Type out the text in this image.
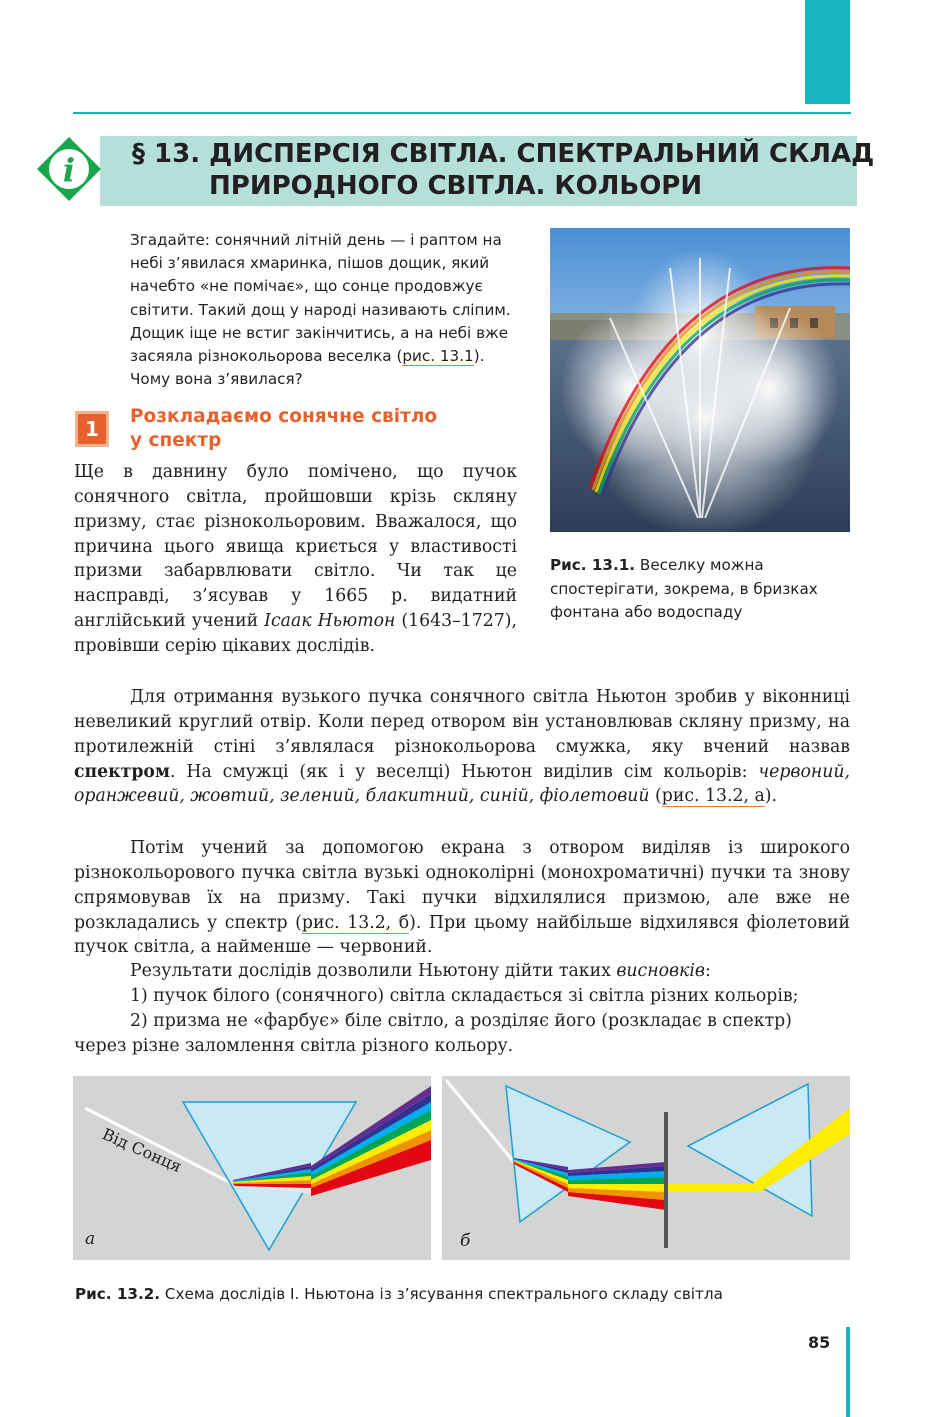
i § 13. ДИСПЕРСІЯ СВІТЛА. СПЕКТРАЛЬНИЙ СКЛАД
ПРИРОДНОГО СВІТЛА. КОЛЬОРИ
Згадайте: сонячний літній день — і раптом на небі з’явилася хмаринка, пішов дощик, який начебто «не помічає», що сонце продовжує світити. Такий дощ у народі називають сліпим. Дощик іще не встиг закінчитись, а на небі вже засяяла різнокольорова веселка (рис. 13.1). Чому вона з’явилася?
Рис. 13.1. Веселку можна спостерігати, зокрема, в бризках фонтана або водоспаду
1
Розкладаємо сонячне світло
у спектр
Ще в давнину було помічено, що пучок сонячного світла, пройшовши крізь скляну призму, стає різнокольоровим. Вважалося, що причина цього явища криється у властивості призми забарвлювати світло. Чи так це насправді, з’ясував у 1665 р. видатний англійський учений Ісаак Ньютон (1643–1727), провівши серію цікавих дослідів.
Для отримання вузького пучка сонячного світла Ньютон зробив у віконниці невеликий круглий отвір. Коли перед отвором він установлював скляну призму, на протилежній стіні з’являлася різнокольорова смужка, яку вчений назвав спектром. На смужці (як і у веселці) Ньютон виділив сім кольорів: червоний, оранжевий, жовтий, зелений, блакитний, синій, фіолетовий (рис. 13.2, а).
Потім учений за допомогою екрана з отвором виділяв із широкого різнокольорового пучка світла вузькі одноколірні (монохроматичні) пучки та знову спрямовував їх на призму. Такі пучки відхилялися призмою, але вже не розкладались у спектр (рис. 13.2, б). При цьому найбільше відхилявся фіолетовий пучок світла, а найменше — червоний.
Результати дослідів дозволили Ньютону дійти таких висновків:
1) пучок білого (сонячного) світла складається зі світла різних кольорів;
2) призма не «фарбує» біле світло, а розділяє його (розкладає в спектр)
через різне заломлення світла різного кольору.
Від Сонця
а	б
Рис. 13.2. Схема дослідів І. Ньютона із з’ясування спектрального складу світла
85
